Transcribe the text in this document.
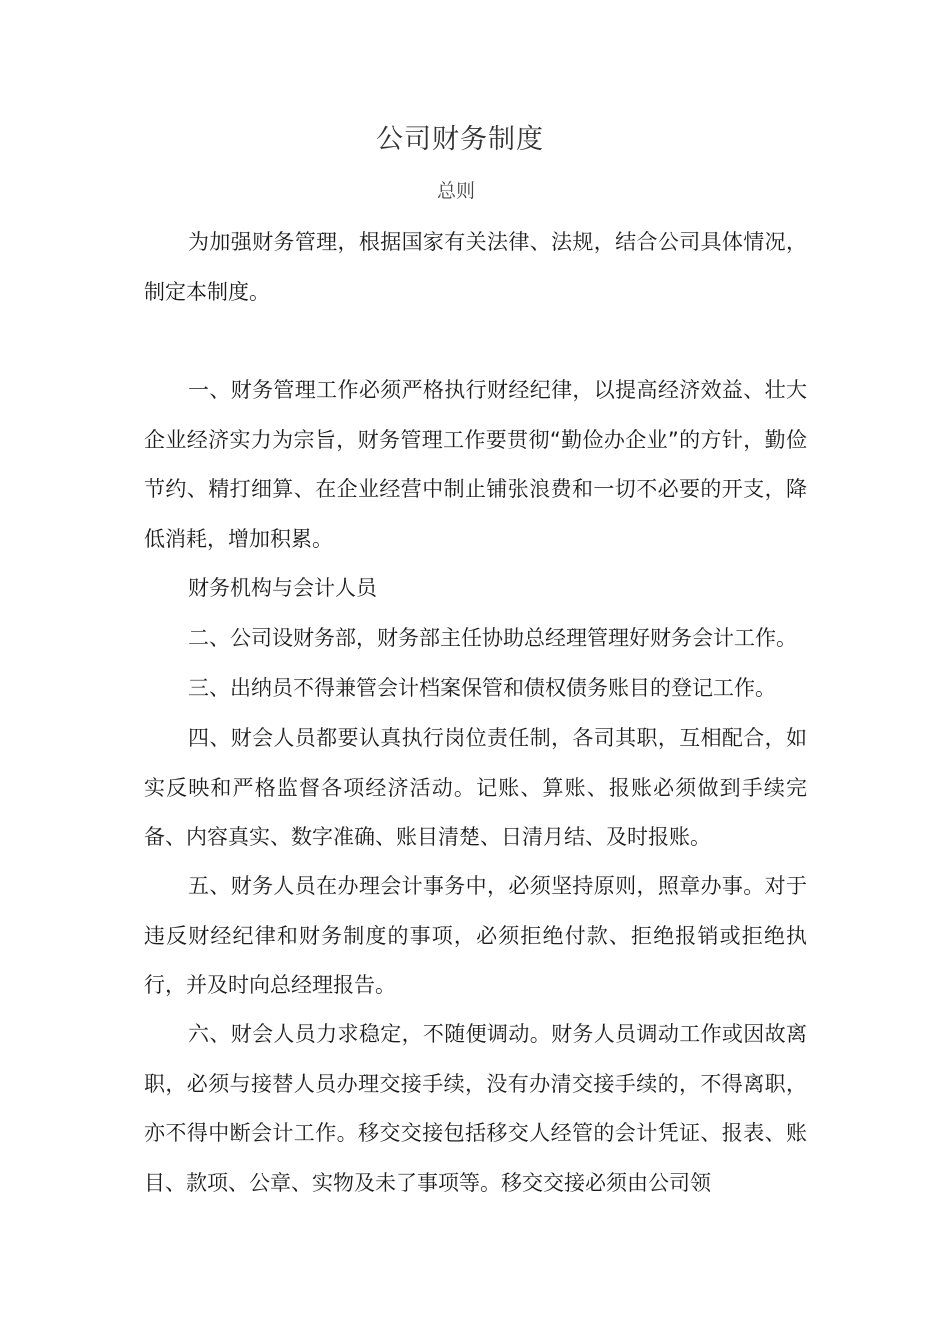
公司财务制度
总则

为加强财务管理，根据国家有关法律、法规，结合公司具体情况，制定本制度。

一、财务管理工作必须严格执行财经纪律，以提高经济效益、壮大企业经济实力为宗旨，财务管理工作要贯彻“勤俭办企业”的方针，勤俭节约、精打细算、在企业经营中制止铺张浪费和一切不必要的开支，降低消耗，增加积累。

财务机构与会计人员

二、公司设财务部，财务部主任协助总经理管理好财务会计工作。

三、出纳员不得兼管会计档案保管和债权债务账目的登记工作。

四、财会人员都要认真执行岗位责任制，各司其职，互相配合，如实反映和严格监督各项经济活动。记账、算账、报账必须做到手续完备、内容真实、数字准确、账目清楚、日清月结、及时报账。

五、财务人员在办理会计事务中，必须坚持原则，照章办事。对于违反财经纪律和财务制度的事项，必须拒绝付款、拒绝报销或拒绝执行，并及时向总经理报告。

六、财会人员力求稳定，不随便调动。财务人员调动工作或因故离职，必须与接替人员办理交接手续，没有办清交接手续的，不得离职，亦不得中断会计工作。移交交接包括移交人经管的会计凭证、报表、账目、款项、公章、实物及未了事项等。移交交接必须由公司领
